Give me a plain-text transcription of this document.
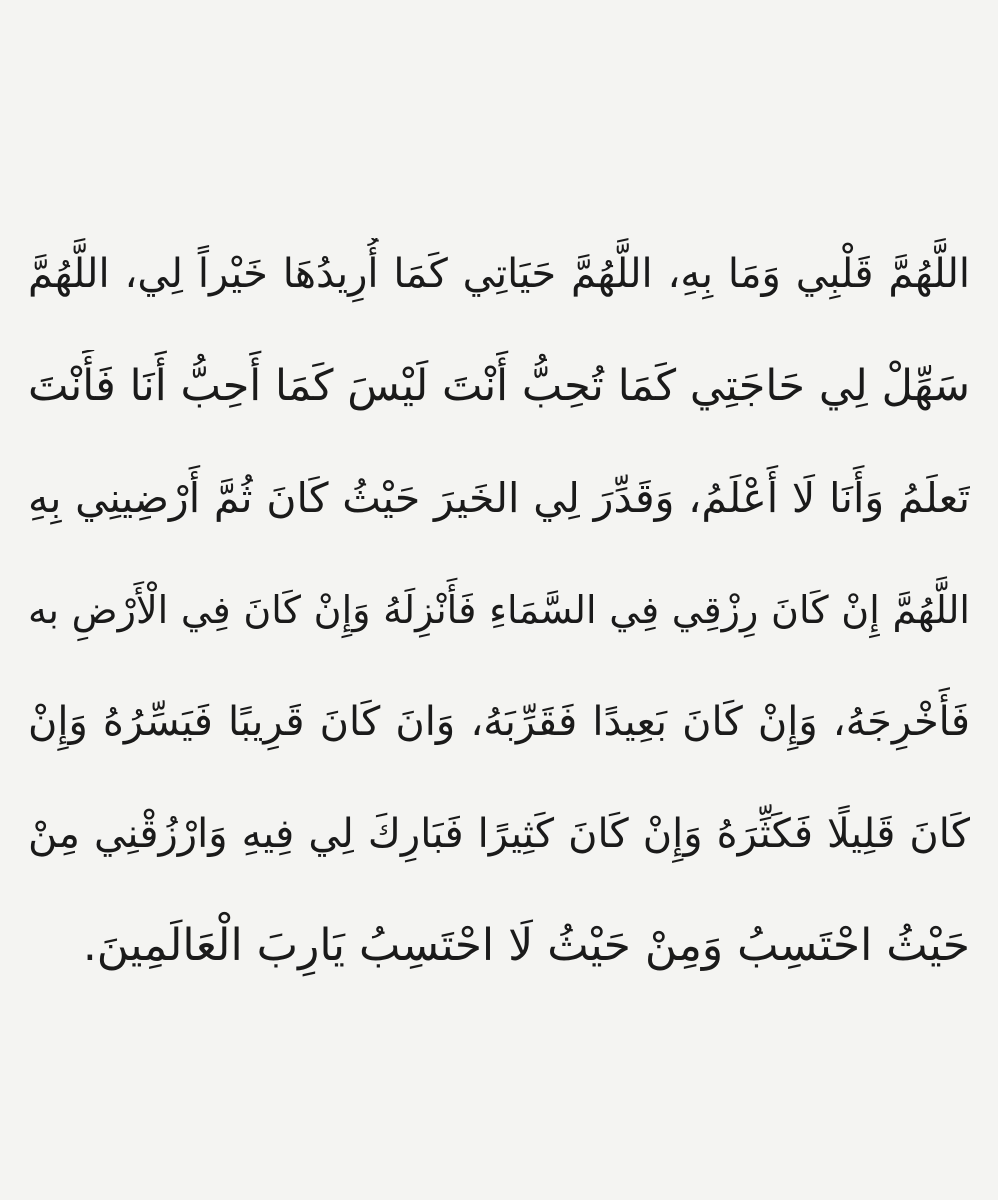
اللَّهُمَّ قَلْبِي وَمَا بِهِ، اللَّهُمَّ حَيَاتِي كَمَا أُرِيدُهَا خَيْراً لِي، اللَّهُمَّ
سَهِّلْ لِي حَاجَتِي كَمَا تُحِبُّ أَنْتَ لَيْسَ كَمَا أَحِبُّ أَنَا فَأَنْتَ
تَعلَمُ وَأَنَا لَا أَعْلَمُ، وَقَدِّرَ لِي الخَيرَ حَيْثُ كَانَ ثُمَّ أَرْضِينِي بِهِ
اللَّهُمَّ إِنْ كَانَ رِزْقِي فِي السَّمَاءِ فَأَنْزِلَهُ وَإِنْ كَانَ فِي الْأَرْضِ به
فَأَخْرِجَهُ، وَإِنْ كَانَ بَعِيدًا فَقَرِّبَهُ، وَانَ كَانَ قَرِيبًا فَيَسِّرُهُ وَإِنْ
كَانَ قَلِيلًا فَكَثِّرَهُ وَإِنْ كَانَ كَثِيرًا فَبَارِكَ لِي فِيهِ وَارْزُقْنِي مِنْ
حَيْثُ احْتَسِبُ وَمِنْ حَيْثُ لَا احْتَسِبُ يَارِبَ الْعَالَمِينَ.
